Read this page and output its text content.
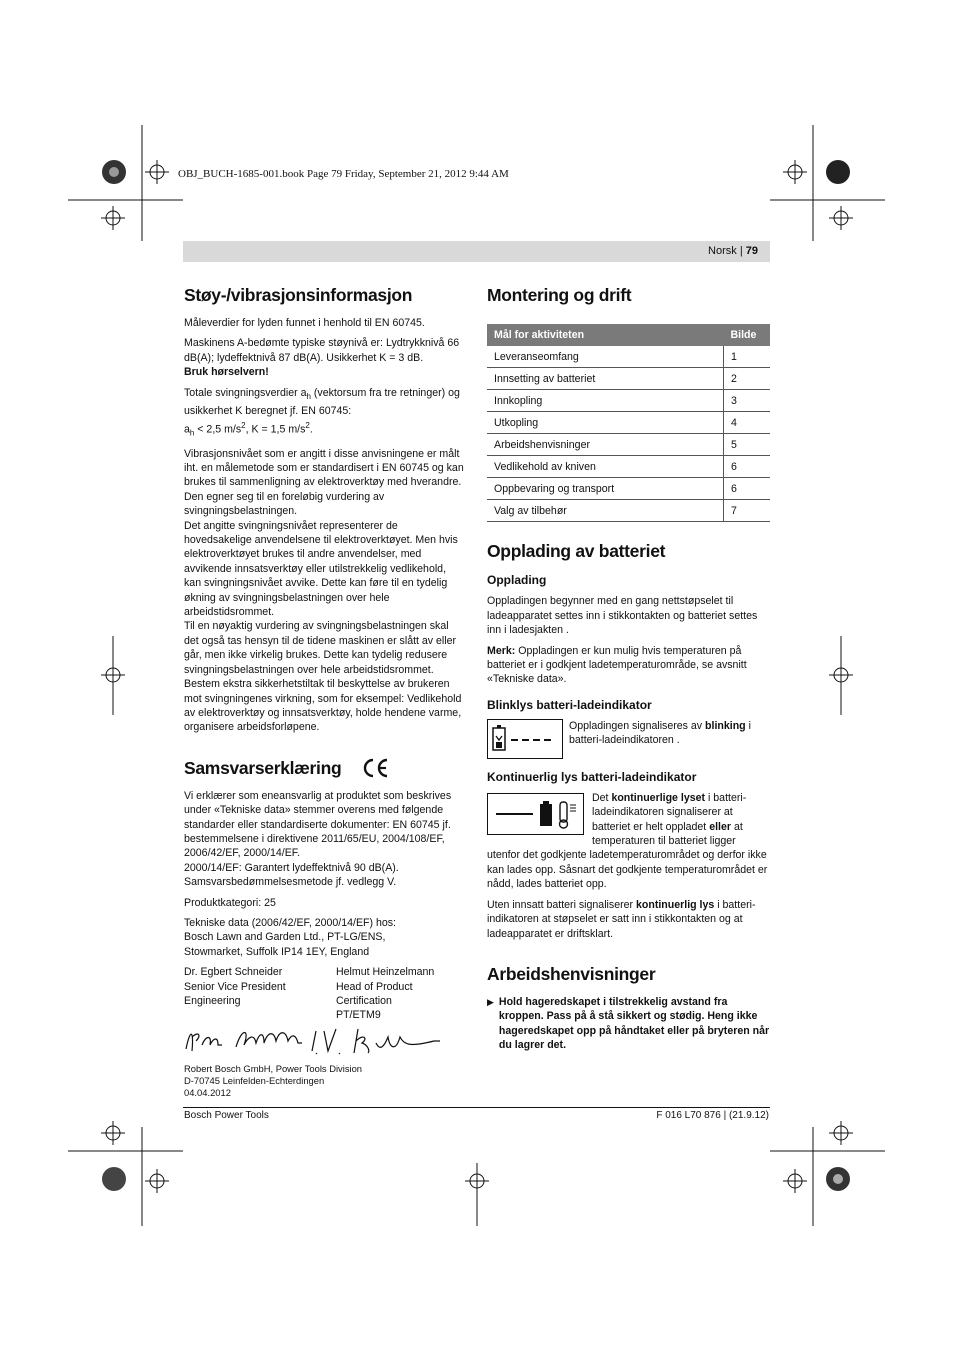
OBJ_BUCH-1685-001.book Page 79 Friday, September 21, 2012 9:44 AM
Norsk | 79
Støy-/vibrasjonsinformasjon

Måleverdier for lyden funnet i henhold til EN 60745.

Maskinens A-bedømte typiske støynivå er: Lydtrykknivå 66 dB(A); lydeffektnivå 87 dB(A). Usikkerhet K = 3 dB.

Bruk hørselvern!

Totale svingningsverdier $a_h$ (vektorsum fra tre retninger) og usikkerhet K beregnet jf. EN 60745:
$a_h < 2,5$ $m/s^2$, K = 1,5 $m/s^2$.

Vibrasjonsnivået som er angitt i disse anvisningene er målt iht. en målemetode som er standardisert i EN 60745 og kan brukes til sammenligning av elektroverktøy med hverandre. Den egner seg til en foreløbig vurdering av svingningsbelastningen.

Det angitte svingningsnivået representerer de hovedsakelige anvendelsene til elektroverktøyet. Men hvis elektroverktøyet brukes til andre anvendelser, med avvikende innsatsverktøy eller utilstrekkelig vedlikehold, kan svingningsnivået avvike. Dette kan føre til en tydelig økning av svingningsbelastningen over hele arbeidstidsrommet.

Til en nøyaktig vurdering av svingningsbelastningen skal det også tas hensyn til de tidene maskinen er slått av eller går, men ikke virkelig brukes. Dette kan tydelig redusere svingningsbelastningen over hele arbeidstidsrommet.

Bestem ekstra sikkerhetstiltak til beskyttelse av brukeren mot svingningenes virkning, som for eksempel: Vedlikehold av elektroverktøy og innsatsverktøy, holde hendene varme, organisere arbeidsforløpene.

Samsvarserklæring

Vi erklærer som eneansvarlig at produktet som beskrives under «Tekniske data» stemmer overens med følgende standarder eller standardiserte dokumenter: EN 60745 jf. bestemmelsene i direktivene 2011/65/EU, 2004/108/EF, 2006/42/EF, 2000/14/EF.

2000/14/EF: Garantert lydeffektnivå 90 dB(A). Samsvarsbedømmelsesmetode jf. vedlegg V.

Produktkategori: 25

Tekniske data (2006/42/EF, 2000/14/EF) hos:

Bosch Lawn and Garden Ltd., PT-LG/ENS,

Stowmarket, Suffolk IP14 1EY, England

Dr. Egbert Schneider

Senior Vice President

Engineering

Helmut Heinzelmann

Head of Product Certification

PT/ETM9

Robert Bosch GmbH, Power Tools Division

D-70745 Leinfelden-Echterdingen

04.04.2012

Montering og drift
Mål for aktiviteten	Bilde
Leveranseomfang	1
Innsetting av batteriet	2
Innkopling	3
Utkopling	4
Arbeidshenvisninger	5
Vedlikehold av kniven	6
Oppbevaring og transport	6
Valg av tilbehør	7
Opplading av batteriet
Opplading

Oppladingen begynner med en gang nettstøpselet til ladeapparatet settes inn i stikkontakten og batteriet settes inn i ladesjakten .

Merk: Oppladingen er kun mulig hvis temperaturen på batteriet er i godkjent ladetemperaturområde, se avsnitt «Tekniske data».

Blinklys batteri-ladeindikator

Oppladingen signaliseres av blinking i batteri-ladeindikatoren .

Kontinuerlig lys batteri-ladeindikator

Det kontinuerlige lyset i batteri-ladeindikatoren signaliserer at batteriet er helt oppladet eller at temperaturen til batteriet ligger utenfor det godkjente ladetemperaturområdet og derfor ikke kan lades opp. Såsnart det godkjente temperaturområdet er nådd, lades batteriet opp.

Uten innsatt batteri signaliserer kontinuerlig lys i batteri-indikatoren at støpselet er satt inn i stikkontakten og at ladeapparatet er driftsklart.

Arbeidshenvisninger
▶ Hold hageredskapet i tilstrekkelig avstand fra kroppen. Pass på å stå sikkert og stødig. Heng ikke hageredskapet opp på håndtaket eller på bryteren når du lagrer det.

Bosch Power Tools	F 016 L70 876 | (21.9.12)
